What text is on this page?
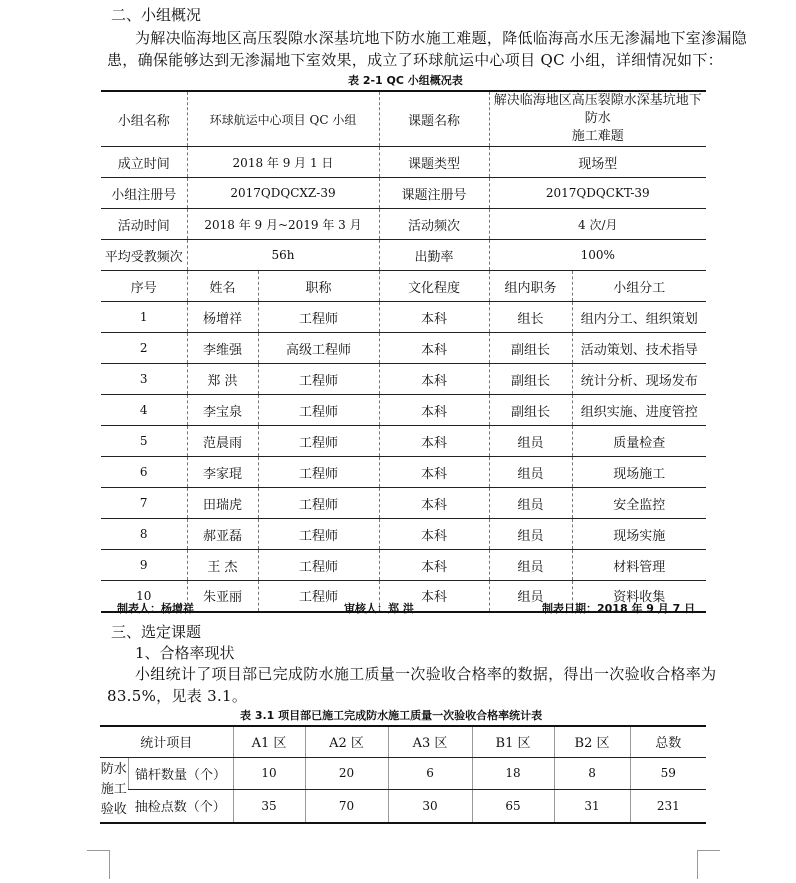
二、小组概况
为解决临海地区高压裂隙水深基坑地下防水施工难题，降低临海高水压无渗漏地下室渗漏隐
患，确保能够达到无渗漏地下室效果，成立了环球航运中心项目 QC 小组，详细情况如下：
表 2-1 QC 小组概况表
小组名称	环球航运中心项目 QC 小组		课题名称	解决临海地区高压裂隙水深基坑地下防水
施工难题	
成立时间	2018 年 9 月 1 日		课题类型	现场型	
小组注册号	2017QDQCXZ-39		课题注册号	2017QDQCKT-39	
活动时间	2018 年 9 月~2019 年 3 月		活动频次	4 次/月	
平均受教频次	56h		出勤率	100%	
序号	姓名	职称	文化程度	组内职务	小组分工
1	杨增祥	工程师	本科	组长	组内分工、组织策划
2	李维强	高级工程师	本科	副组长	活动策划、技术指导
3	郑 洪	工程师	本科	副组长	统计分析、现场发布
4	李宝泉	工程师	本科	副组长	组织实施、进度管控
5	范晨雨	工程师	本科	组员	质量检查
6	李家琨	工程师	本科	组员	现场施工
7	田瑞虎	工程师	本科	组员	安全监控
8	郝亚磊	工程师	本科	组员	现场实施
9	王 杰	工程师	本科	组员	材料管理
10	朱亚丽	工程师	本科	组员	资料收集
制表人：杨增祥	审核人：郑 洪	制表日期：2018 年 9 月 7 日
三、选定课题
1、合格率现状
小组统计了项目部已完成防水施工质量一次验收合格率的数据，得出一次验收合格率为
83.5%，见表 3.1。
表 3.1 项目部已施工完成防水施工质量一次验收合格率统计表
统计项目		A1 区	A2 区	A3 区	B1 区	B2 区	总数
防水
施工
验收	锚杆数量（个）	10	20	6	18	8	59
	抽检点数（个）	35	70	30	65	31	231
